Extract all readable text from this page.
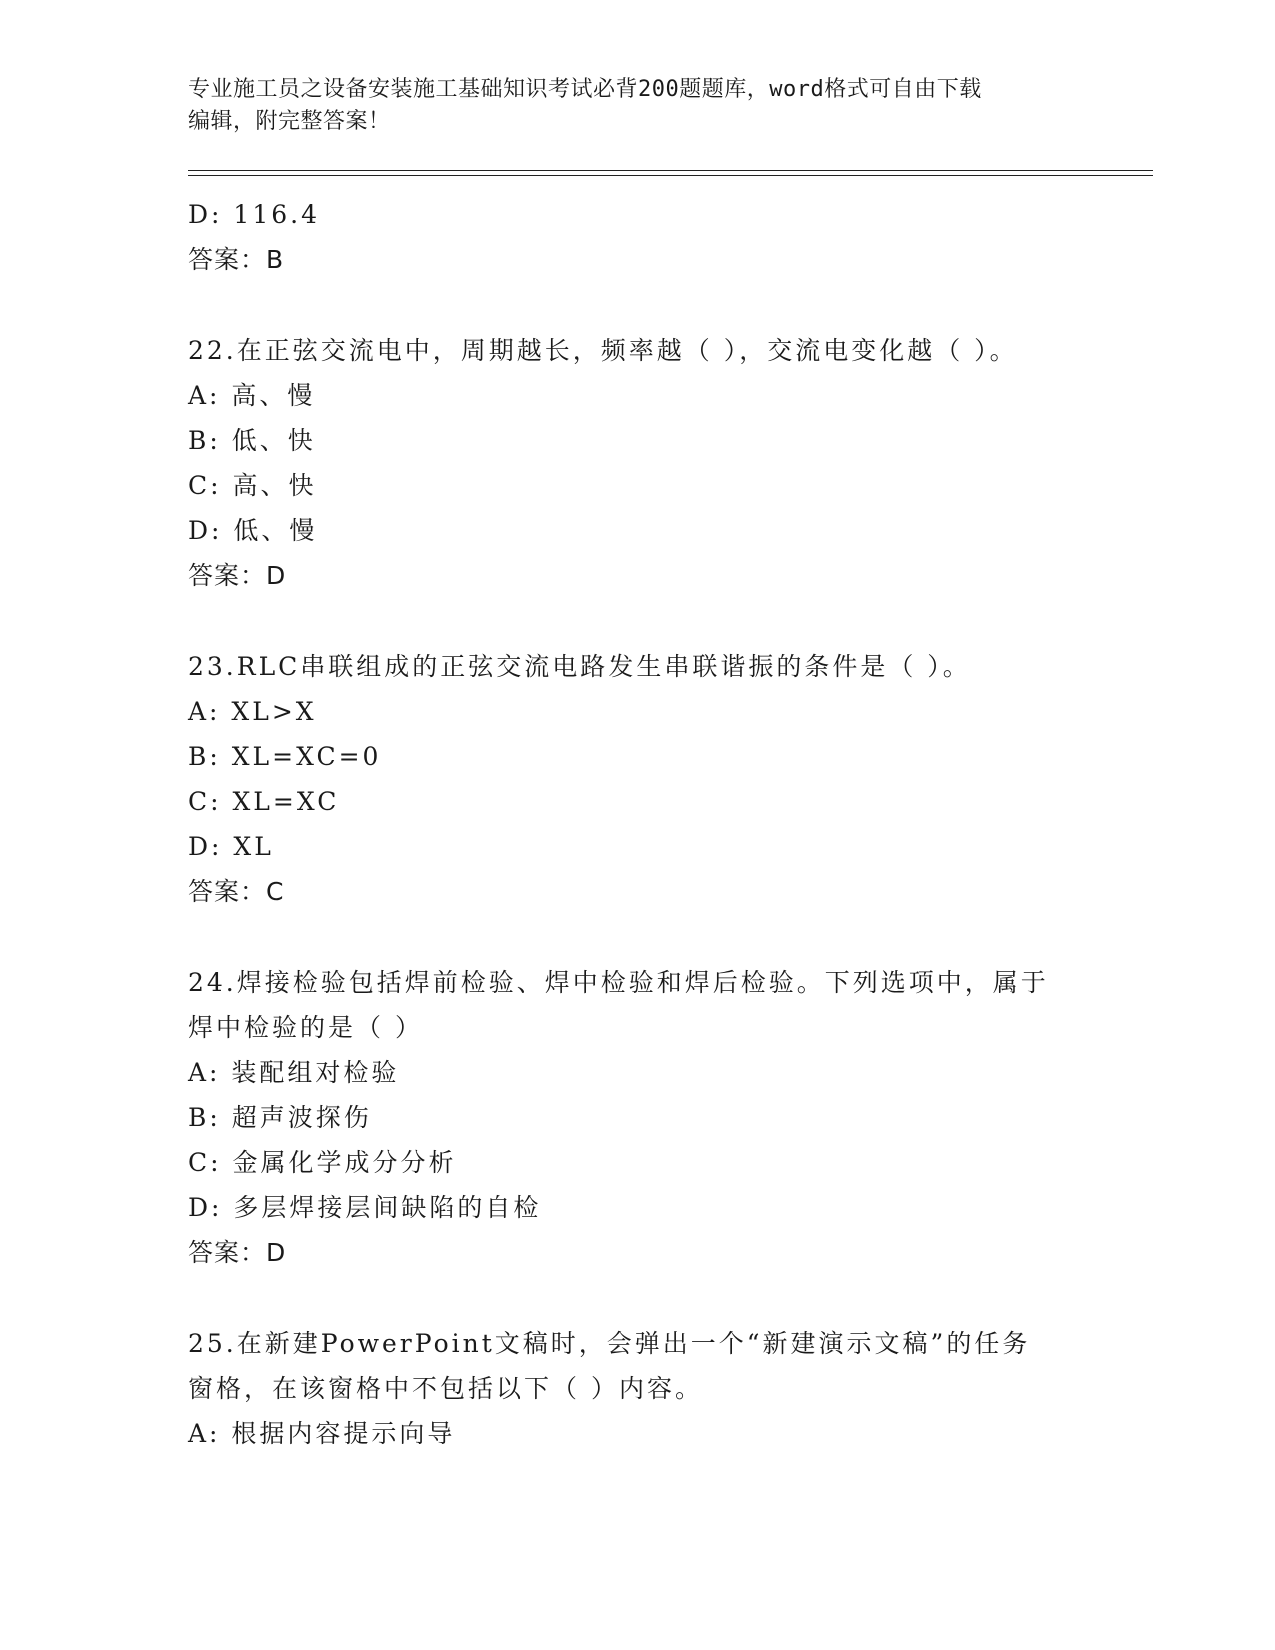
专业施工员之设备安装施工基础知识考试必背200题题库，word格式可自由下载
编辑，附完整答案！
D: 116.4
答案：B
22.在正弦交流电中，周期越长，频率越（ ），交流电变化越（ ）。
A: 高、慢
B: 低、快
C: 高、快
D: 低、慢
答案：D
23.RLC串联组成的正弦交流电路发生串联谐振的条件是（ ）。
A: XL>X
B: XL=XC=0
C: XL=XC
D: XL
答案：C
24.焊接检验包括焊前检验、焊中检验和焊后检验。下列选项中，属于
焊中检验的是（ ）
A: 装配组对检验
B: 超声波探伤
C: 金属化学成分分析
D: 多层焊接层间缺陷的自检
答案：D
25.在新建PowerPoint文稿时，会弹出一个“新建演示文稿”的任务
窗格，在该窗格中不包括以下（ ）内容。
A: 根据内容提示向导
